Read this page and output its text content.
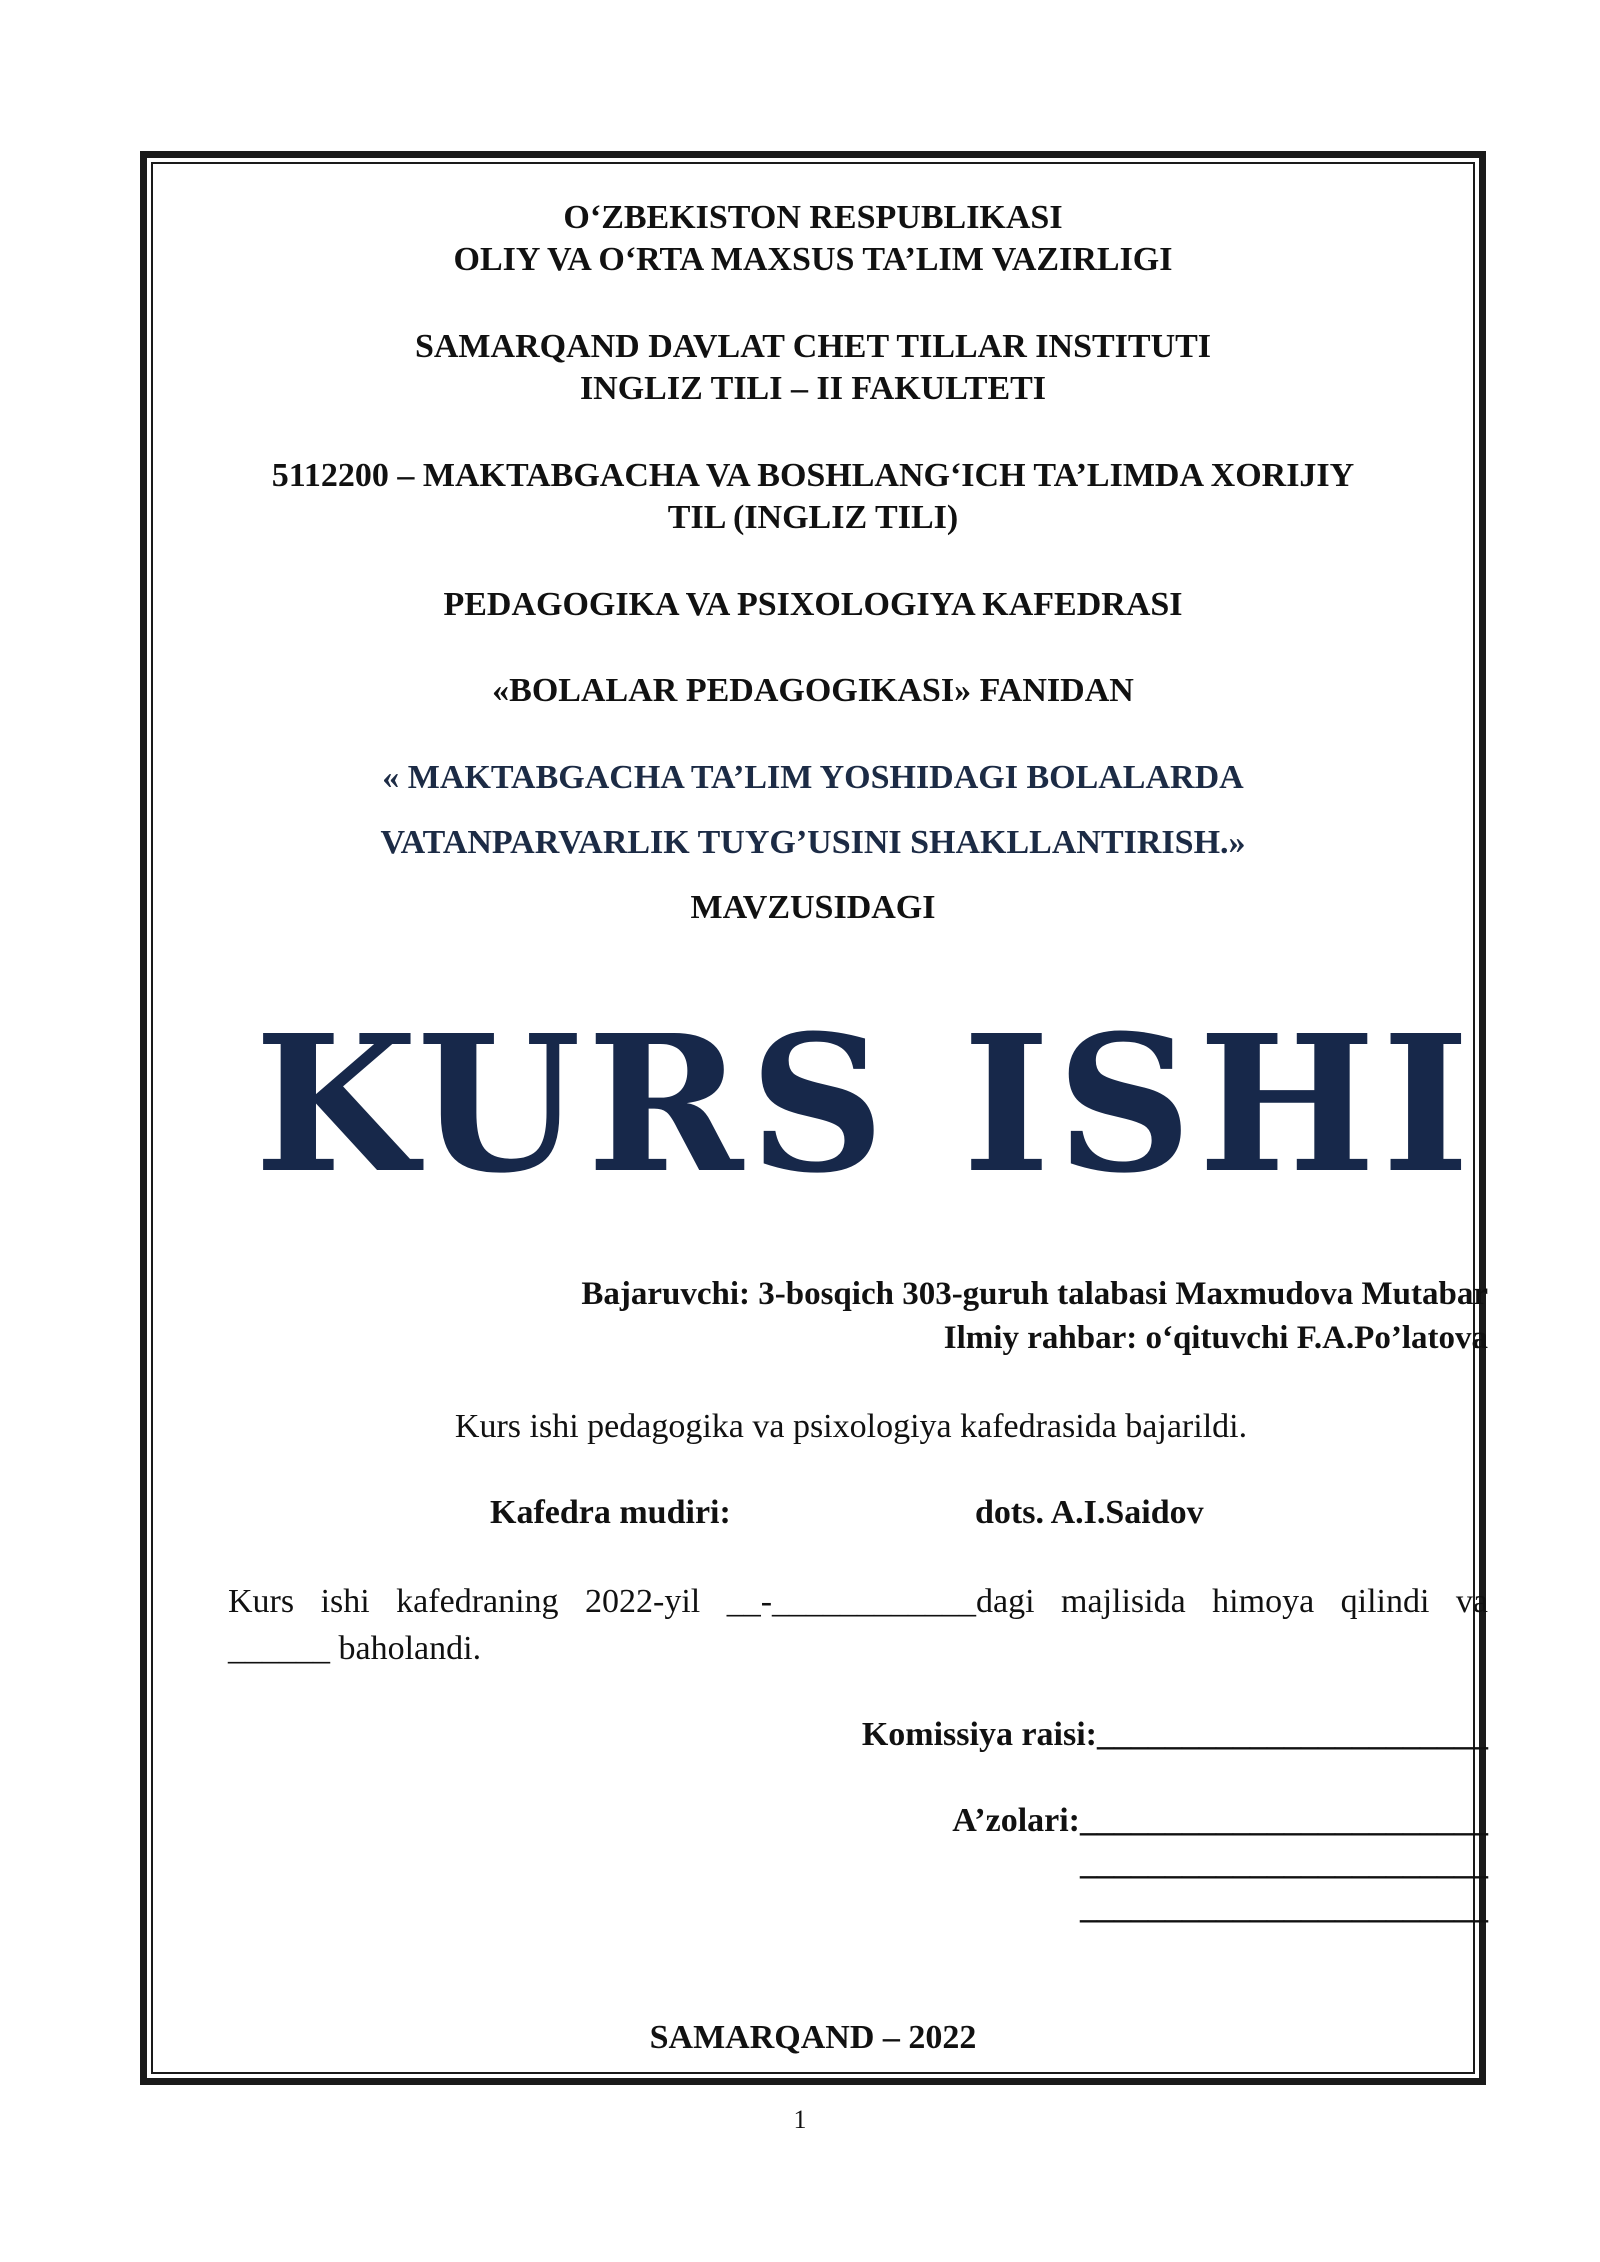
O‘ZBEKISTON RESPUBLIKASI
OLIY VA O‘RTA MAXSUS TA’LIM VAZIRLIGI
SAMARQAND DAVLAT CHET TILLAR INSTITUTI
INGLIZ TILI – II FAKULTETI
5112200 – MAKTABGACHA VA BOSHLANG‘ICH TA’LIMDA XORIJIY
TIL (INGLIZ TILI)
PEDAGOGIKA VA PSIXOLOGIYA KAFEDRASI
«BOLALAR PEDAGOGIKASI» FANIDAN
« MAKTABGACHA TA’LIM YOSHIDAGI BOLALARDA
VATANPARVARLIK TUYG’USINI SHAKLLANTIRISH.»
MAVZUSIDAGI
KURS ISHI
Bajaruvchi: 3-bosqich 303-guruh talabasi Maxmudova Mutabar
Ilmiy rahbar: o‘qituvchi F.A.Po’latova
Kurs ishi pedagogika va psixologiya kafedrasida bajarildi.
Kafedra mudiri:	dots. A.I.Saidov
Kurs ishi kafedraning 2022-yil __-____________dagi majlisida himoya qilindi va
______ baholandi.
Komissiya raisi:_______________________
A’zolari:________________________
________________________
________________________
SAMARQAND – 2022
1
